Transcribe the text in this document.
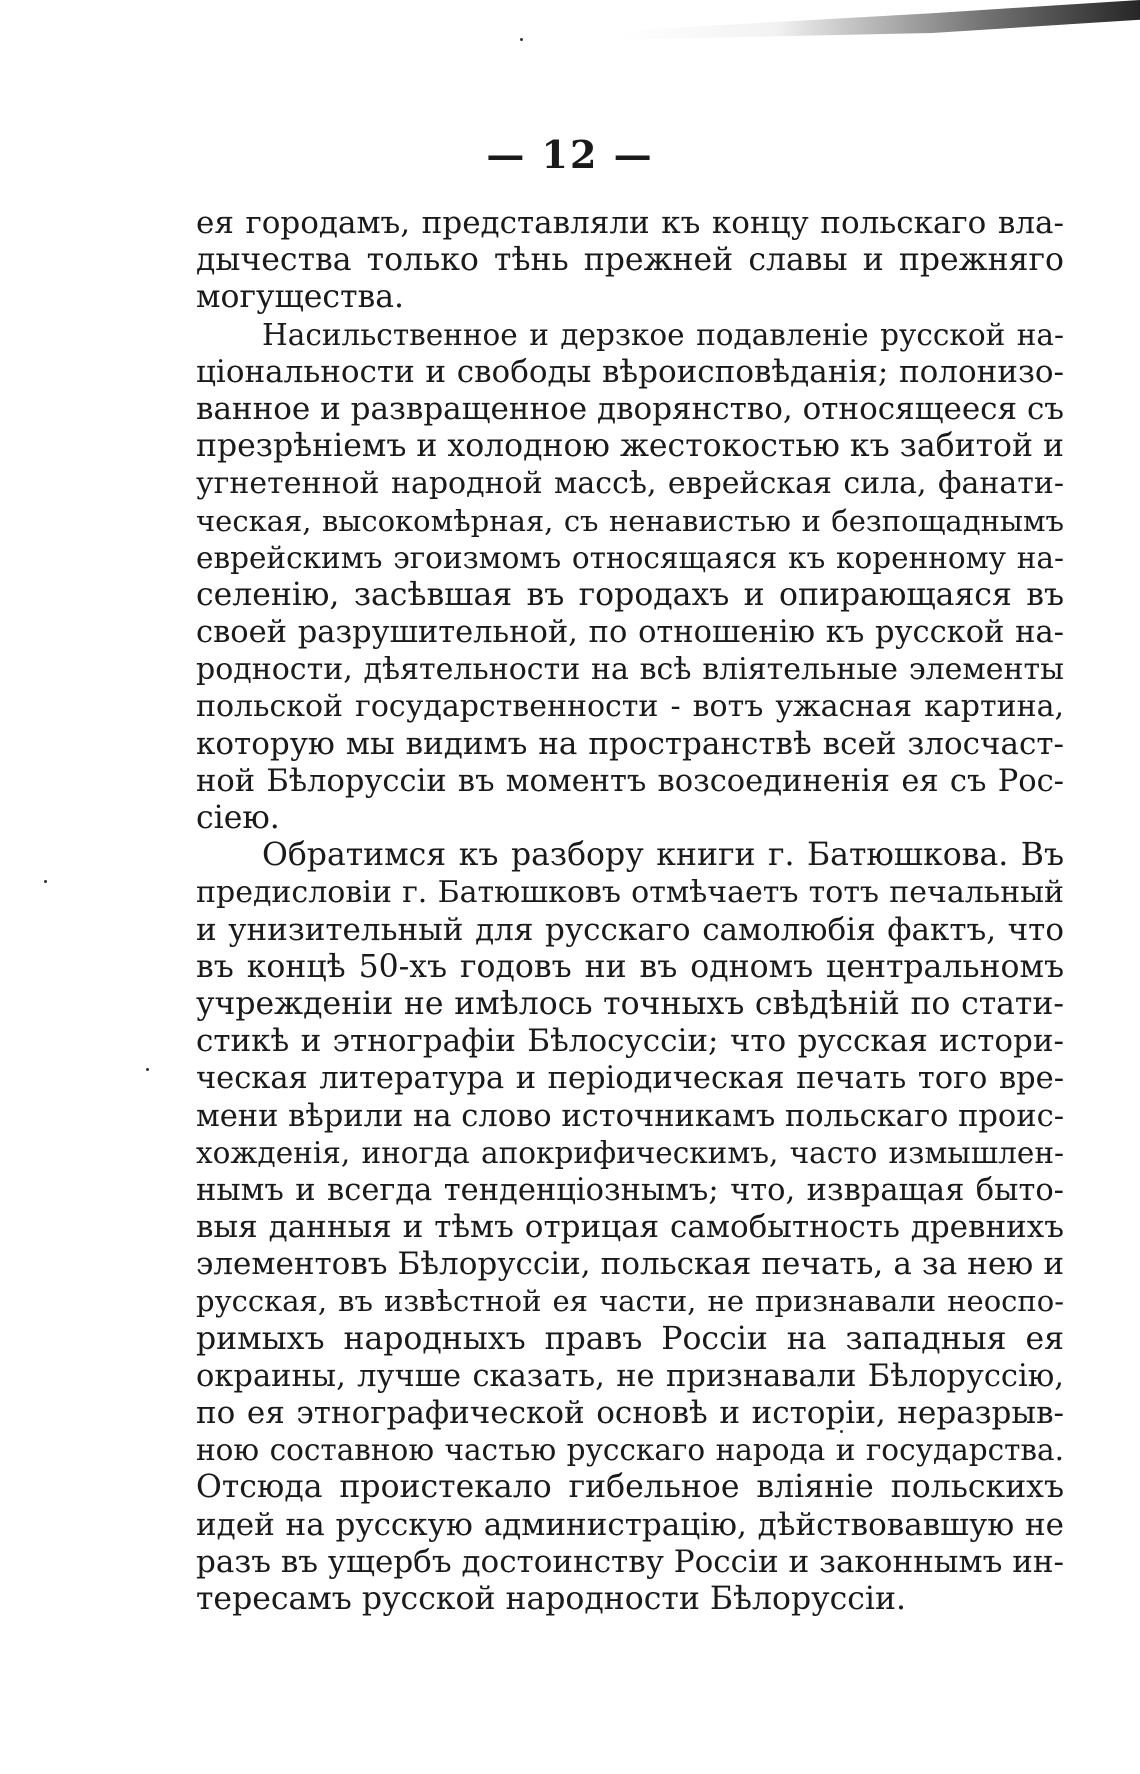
— 12 —
ея городамъ, представляли къ концу польскаго вла-
дычества только тѣнь прежней славы и прежняго
могущества.
Насильственное и дерзкое подавленіе русской на-
ціональности и свободы вѣроисповѣданія; полонизо-
ванное и развращенное дворянство, относящееся съ
презрѣніемъ и холодною жестокостью къ забитой и
угнетенной народной массѣ, еврейская сила, фанати-
ческая, высокомѣрная, съ ненавистью и безпощаднымъ
еврейскимъ эгоизмомъ относящаяся къ коренному на-
селенію, засѣвшая въ городахъ и опирающаяся въ
своей разрушительной, по отношенію къ русской на-
родности, дѣятельности на всѣ вліятельные элементы
польской государственности - вотъ ужасная картина,
которую мы видимъ на пространствѣ всей злосчаст-
ной Бѣлоруссіи въ моментъ возсоединенія ея съ Рос-
сіею.
Обратимся къ разбору книги г. Батюшкова. Въ
предисловіи г. Батюшковъ отмѣчаетъ тотъ печальный
и унизительный для русскаго самолюбія фактъ, что
въ концѣ 50-хъ годовъ ни въ одномъ центральномъ
учрежденіи не имѣлось точныхъ свѣдѣній по стати-
стикѣ и этнографіи Бѣлосуссіи; что русская истори-
ческая литература и періодическая печать того вре-
мени вѣрили на слово источникамъ польскаго проис-
хожденія, иногда апокрифическимъ, часто измышлен-
нымъ и всегда тенденціознымъ; что, извращая быто-
выя данныя и тѣмъ отрицая самобытность древнихъ
элементовъ Бѣлоруссіи, польская печать, а за нею и
русская, въ извѣстной ея части, не признавали неоспо-
римыхъ народныхъ правъ Россіи на западныя ея
окраины, лучше сказать, не признавали Бѣлоруссію,
по ея этнографической основѣ и исторіи, неразрыв-
ною составною частью русскаго народа и государства.
Отсюда проистекало гибельное вліяніе польскихъ
идей на русскую администрацію, дѣйствовавшую не
разъ въ ущербъ достоинству Россіи и законнымъ ин-
тересамъ русской народности Бѣлоруссіи.
